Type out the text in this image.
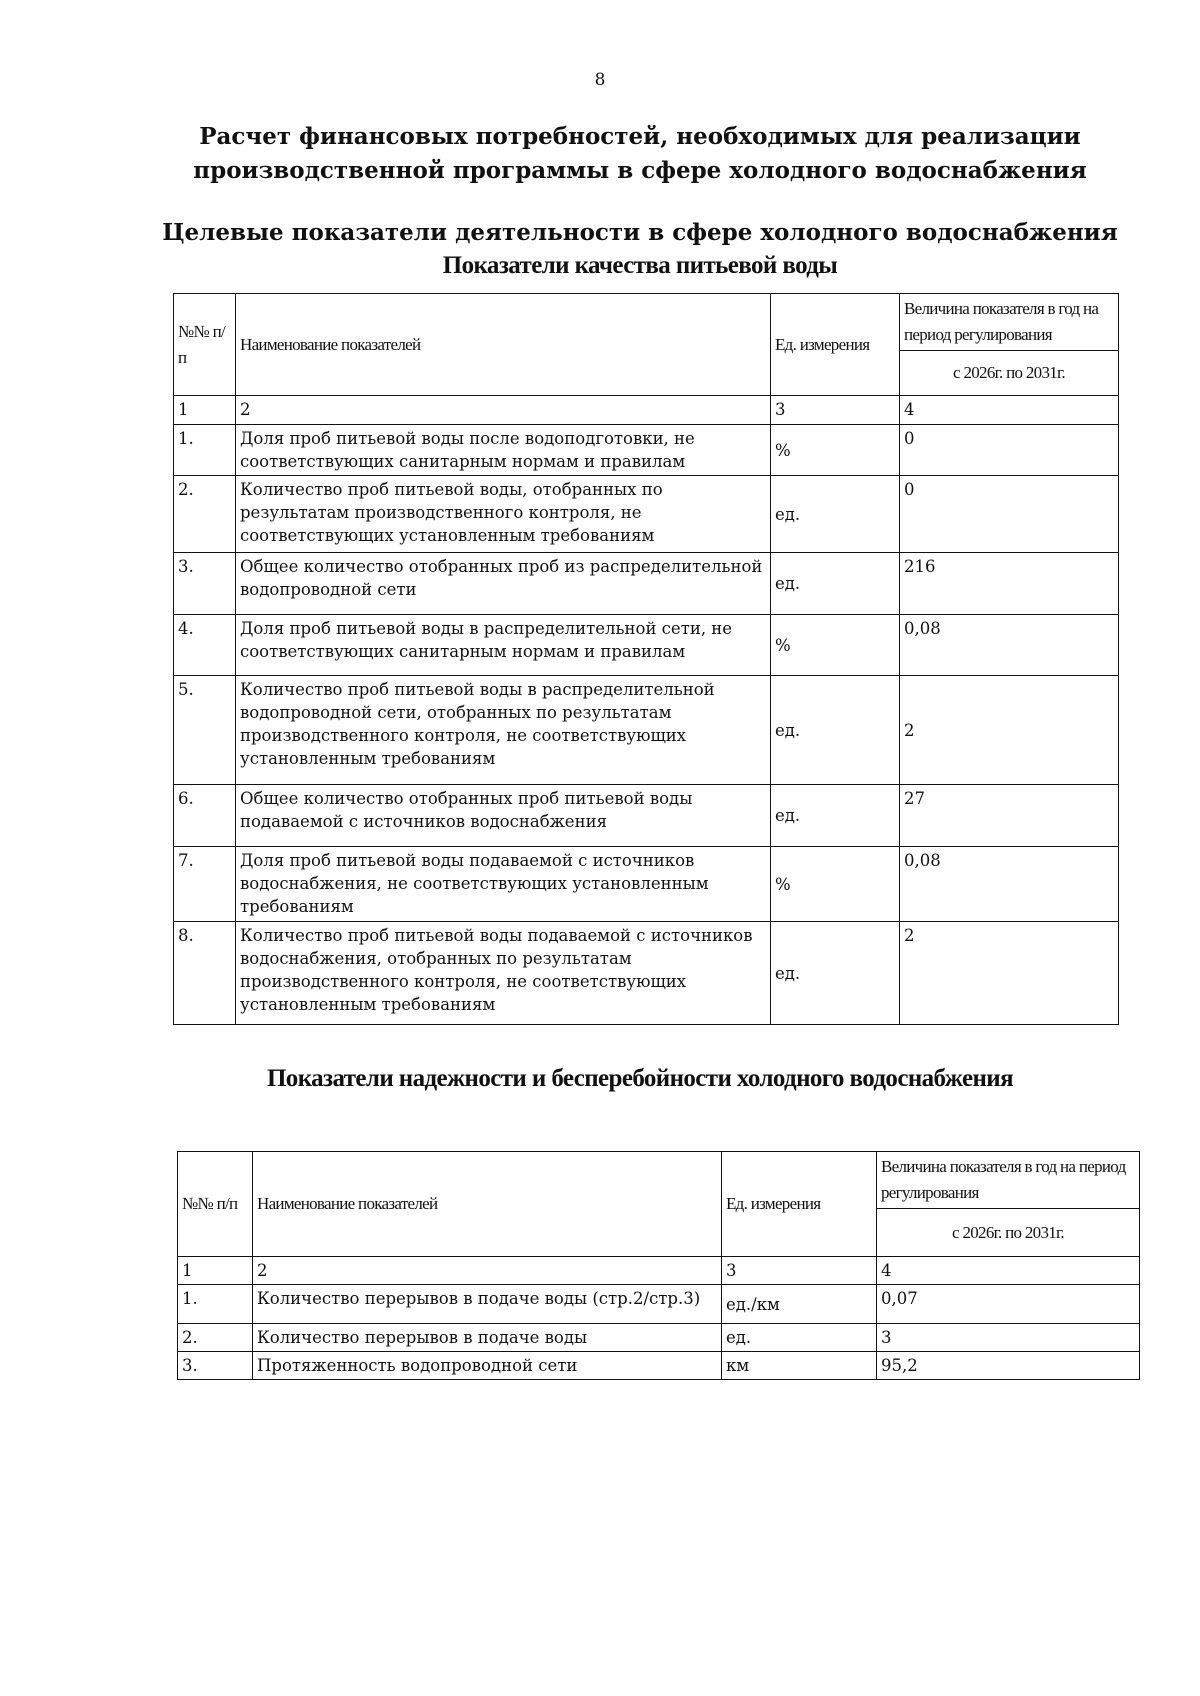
8
Расчет финансовых потребностей, необходимых для реализации
производственной программы в сфере холодного водоснабжения
Целевые показатели деятельности в сфере холодного водоснабжения
Показатели качества питьевой воды
№№ п/п	Наименование показателей	Ед. измерения	Величина показателя в год на период регулирования
			с 2026г. по 2031г.
1	2	3	4
1.	Доля проб питьевой воды после водоподготовки, не соответствующих санитарным нормам и правилам	%	0
2.	Количество проб питьевой воды, отобранных по результатам производственного контроля, не соответствующих установленным требованиям	ед.	0
3.	Общее количество отобранных проб из распределительной водопроводной сети	ед.	216
4.	Доля проб питьевой воды в распределительной сети, не соответствующих санитарным нормам и правилам	%	0,08
5.	Количество проб питьевой воды в распределительной водопроводной сети, отобранных по результатам производственного контроля, не соответствующих установленным требованиям	ед.	2
6.	Общее количество отобранных проб питьевой воды подаваемой с источников водоснабжения	ед.	27
7.	Доля проб питьевой воды подаваемой с источников водоснабжения, не соответствующих установленным требованиям	%	0,08
8.	Количество проб питьевой воды подаваемой с источников водоснабжения, отобранных по результатам производственного контроля, не соответствующих установленным требованиям	ед.	2
Показатели надежности и бесперебойности холодного водоснабжения
№№ п/п	Наименование показателей	Ед. измерения	Величина показателя в год на период регулирования
			с 2026г. по 2031г.
1	2	3	4
1.	Количество перерывов в подаче воды (стр.2/стр.3)	ед./км	0,07
2.	Количество перерывов в подаче воды	ед.	3
3.	Протяженность водопроводной сети	км	95,2
